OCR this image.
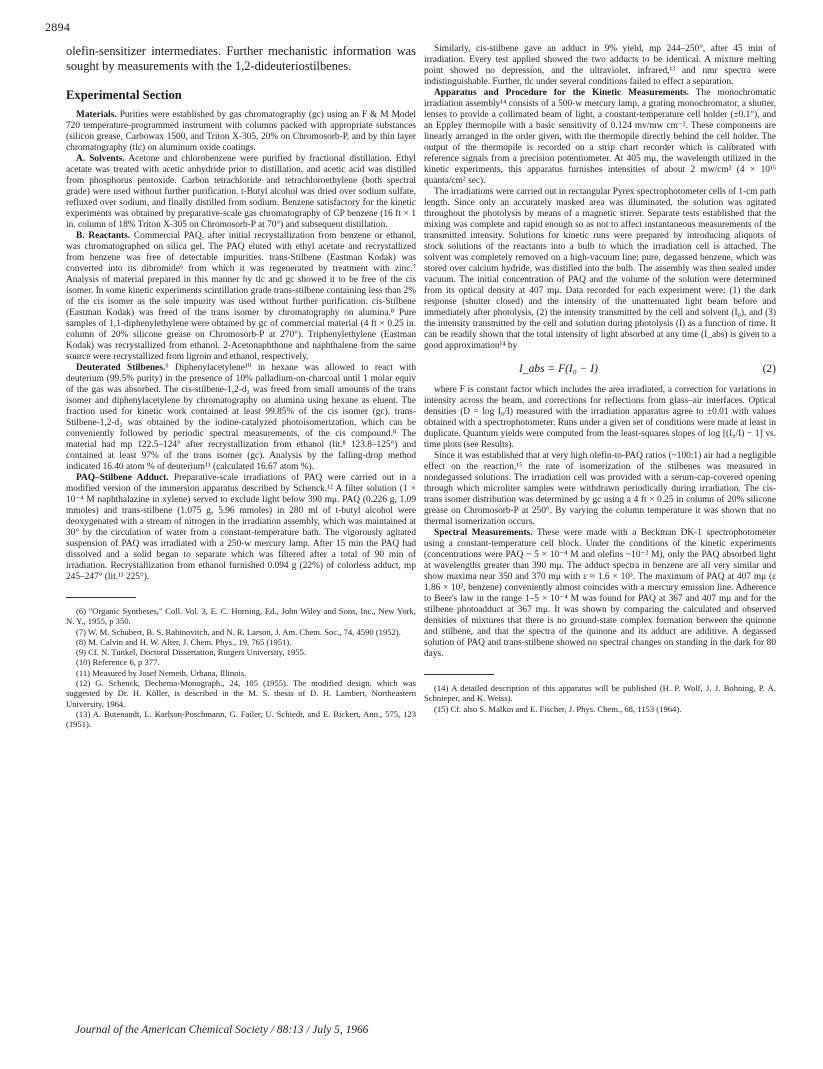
2894
olefin-sensitizer intermediates. Further mechanistic information was sought by measurements with the 1,2-dideuteriostilbenes.
Experimental Section

Materials. Purities were established by gas chromatography (gc) using an F & M Model 720 temperature-programmed instrument with columns packed with appropriate substances (silicon grease, Carbowax 1500, and Triton X-305, 20% on Chromosorb-P, and by thin layer chromatography (tlc) on aluminum oxide coatings.

A. Solvents. Acetone and chlorobenzene were purified by fractional distillation. Ethyl acetate was treated with acetic anhydride prior to distillation, and acetic acid was distilled from phosphorus pentoxide. Carbon tetrachloride and tetrachloroethylene (both spectral grade) were used without further purification. t-Butyl alcohol was dried over sodium sulfate, refluxed over sodium, and finally distilled from sodium. Benzene satisfactory for the kinetic experiments was obtained by preparative-scale gas chromatography of CP benzene (16 ft × 1 in. column of 18% Triton X-305 on Chromosorb-P at 70°) and subsequent distillation.

B. Reactants. Commercial PAQ, after initial recrystallization from benzene or ethanol, was chromatographed on silica gel. The PAQ eluted with ethyl acetate and recrystallized from benzene was free of detectable impurities. trans-Stilbene (Eastman Kodak) was converted into its dibromide⁶ from which it was regenerated by treatment with zinc.⁷ Analysis of material prepared in this manner by tlc and gc showed it to be free of the cis isomer. In some kinetic experiments scintillation grade trans-stilbene containing less than 2% of the cis isomer as the sole impurity was used without further purification. cis-Stilbene (Eastman Kodak) was freed of the trans isomer by chromatography on alumina.⁸ Pure samples of 1,1-diphenylethylene were obtained by gc of commercial material (4 ft × 0.25 in. column of 20% silicone grease on Chromosorb-P at 270°). Triphenylethylene (Eastman Kodak) was recrystallized from ethanol. 2-Acetonaphthone and naphthalene from the same source were recrystallized from ligroin and ethanol, respectively.

Deuterated Stilbenes.⁹ Diphenylacetylene¹⁰ in hexane was allowed to react with deuterium (99.5% purity) in the presence of 10% palladium-on-charcoal until 1 molar equiv of the gas was absorbed. The cis-stilbene-1,2-d₂ was freed from small amounts of the trans isomer and diphenylacetylene by chromatography on alumina using hexane as eluent. The fraction used for kinetic work contained at least 99.85% of the cis isomer (gc). trans-Stilbene-1,2-d₂ was obtained by the iodine-catalyzed photoisomerization, which can be conveniently followed by periodic spectral measurements, of the cis compound.⁸ The material had mp 122.5–124° after recrystallization from ethanol (lit.⁸ 123.8–125°) and contained at least 97% of the trans isomer (gc). Analysis by the falling-drop method indicated 16.40 atom % of deuterium¹¹ (calculated 16.67 atom %).

PAQ–Stilbene Adduct. Preparative-scale irradiations of PAQ were carried out in a modified version of the immersion apparatus described by Schenck.¹² A filter solution (1 × 10⁻⁴ M naphthalazine in xylene) served to exclude light below 390 mμ. PAQ (0.226 g, 1.09 mmoles) and trans-stilbene (1.075 g, 5.96 mmoles) in 280 ml of t-butyl alcohol were deoxygenated with a stream of nitrogen in the irradiation assembly, which was maintained at 30° by the circulation of water from a constant-temperature bath. The vigorously agitated suspension of PAQ was irradiated with a 250-w mercury lamp. After 15 min the PAQ had dissolved and a solid began to separate which was filtered after a total of 90 min of irradiation. Recrystallization from ethanol furnished 0.094 g (22%) of colorless adduct, mp 245–247° (lit.¹³ 225°).

(6) "Organic Syntheses," Coll. Vol. 3, E. C. Horning, Ed., John Wiley and Sons, Inc., New York, N. Y., 1955, p 350.

(7) W. M. Schubert, B. S. Rabinovitch, and N. R. Larson, J. Am. Chem. Soc., 74, 4590 (1952).

(8) M. Calvin and H. W. Alter, J. Chem. Phys., 19, 765 (1951).

(9) Cf. N. Tunkel, Doctoral Dissertation, Rutgers University, 1955.

(10) Reference 6, p 377.

(11) Measured by Josef Nemeth, Urbana, Illinois.

(12) G. Schenck, Dechema-Monograph., 24, 105 (1955). The modified design, which was suggested by Dr. H. Köller, is described in the M. S. thesis of D. H. Lambert, Northeastern University, 1964.

(13) A. Butenandt, L. Karlson-Poschmann, G. Failer, U. Schiedt, and E. Bickert, Ann., 575, 123 (1951).

Similarly, cis-stilbene gave an adduct in 9% yield, mp 244–250°, after 45 min of irradiation. Every test applied showed the two adducts to be identical. A mixture melting point showed no depression, and the ultraviolet, infrared,¹³ and nmr spectra were indistinguishable. Further, tlc under several conditions failed to effect a separation.

Apparatus and Procedure for the Kinetic Measurements. The monochromatic irradiation assembly¹⁴ consists of a 500-w mercury lamp, a grating monochromator, a shutter, lenses to provide a collimated beam of light, a constant-temperature cell holder (±0.1°), and an Eppley thermopile with a basic sensitivity of 0.124 mv/mw cm⁻². These components are linearly arranged in the order given, with the thermopile directly behind the cell holder. The output of the thermopile is recorded on a strip chart recorder which is calibrated with reference signals from a precision potentiometer. At 405 mμ, the wavelength utilized in the kinetic experiments, this apparatus furnishes intensities of about 2 mw/cm² (4 × 10¹⁵ quanta/cm² sec).

The irradiations were carried out in rectangular Pyrex spectrophotometer cells of 1-cm path length. Since only an accurately masked area was illuminated, the solution was agitated throughout the photolysis by means of a magnetic stirrer. Separate tests established that the mixing was complete and rapid enough so as not to affect instantaneous measurements of the transmitted intensity. Solutions for kinetic runs were prepared by introducing aliquots of stock solutions of the reactants into a bulb to which the irradiation cell is attached. The solvent was completely removed on a high-vacuum line; pure, degassed benzene, which was stored over calcium hydride, was distilled into the bulb. The assembly was then sealed under vacuum. The initial concentration of PAQ and the volume of the solution were determined from its optical density at 407 mμ. Data recorded for each experiment were: (1) the dark response (shutter closed) and the intensity of the unattenuated light beam before and immediately after photolysis, (2) the intensity transmitted by the cell and solvent (I₀), and (3) the intensity transmitted by the cell and solution during photolysis (I) as a function of time. It can be readily shown that the total intensity of light absorbed at any time (I_abs) is given to a good approximation¹⁴ by

I_abs = F(I₀ − I)	(2)

where F is constant factor which includes the area irradiated, a correction for variations in intensity across the beam, and corrections for reflections from glass–air interfaces. Optical densities (D = log I₀/I) measured with the irradiation apparatus agree to ±0.01 with values obtained with a spectrophotometer. Runs under a given set of conditions were made at least in duplicate. Quantum yields were computed from the least-squares slopes of log [(I₀/I) − 1] vs. time plots (see Results).

Since it was established that at very high olefin-to-PAQ ratios (~100:1) air had a negligible effect on the reaction,¹⁵ the rate of isomerization of the stilbenes was measured in nondegassed solutions. The irradiation cell was provided with a serum-cap-covered opening through which microliter samples were withdrawn periodically during irradiation. The cis-trans isomer distribution was determined by gc using a 4 ft × 0.25 in column of 20% silicone grease on Chromosorb-P at 250°. By varying the column temperature it was shown that no thermal isomerization occurs.

Spectral Measurements. These were made with a Beckman DK-1 spectrophotometer using a constant-temperature cell block. Under the conditions of the kinetic experiments (concentrations were PAQ ~ 5 × 10⁻⁴ M and olefins ~10⁻² M), only the PAQ absorbed light at wavelengths greater than 390 mμ. The adduct spectra in benzene are all very similar and show maxima near 350 and 370 mμ with ε ≈ 1.6 × 10³. The maximum of PAQ at 407 mμ (ε 1.86 × 10³, benzene) conveniently almost coincides with a mercury emission line. Adherence to Beer's law in the range 1–5 × 10⁻⁴ M was found for PAQ at 367 and 407 mμ and for the stilbene photoadduct at 367 mμ. It was shown by comparing the calculated and observed densities of mixtures that there is no ground-state complex formation between the quinone and stilbene, and that the spectra of the quinone and its adduct are additive. A degassed solution of PAQ and trans-stilbene showed no spectral changes on standing in the dark for 80 days.

(14) A detailed description of this apparatus will be published (H. P. Wolf, J. J. Bohning, P. A. Schnieper, and K. Weiss).

(15) Cf. also S. Malkin and E. Fischer, J. Phys. Chem., 68, 1153 (1964).

Journal of the American Chemical Society / 88:13 / July 5, 1966
